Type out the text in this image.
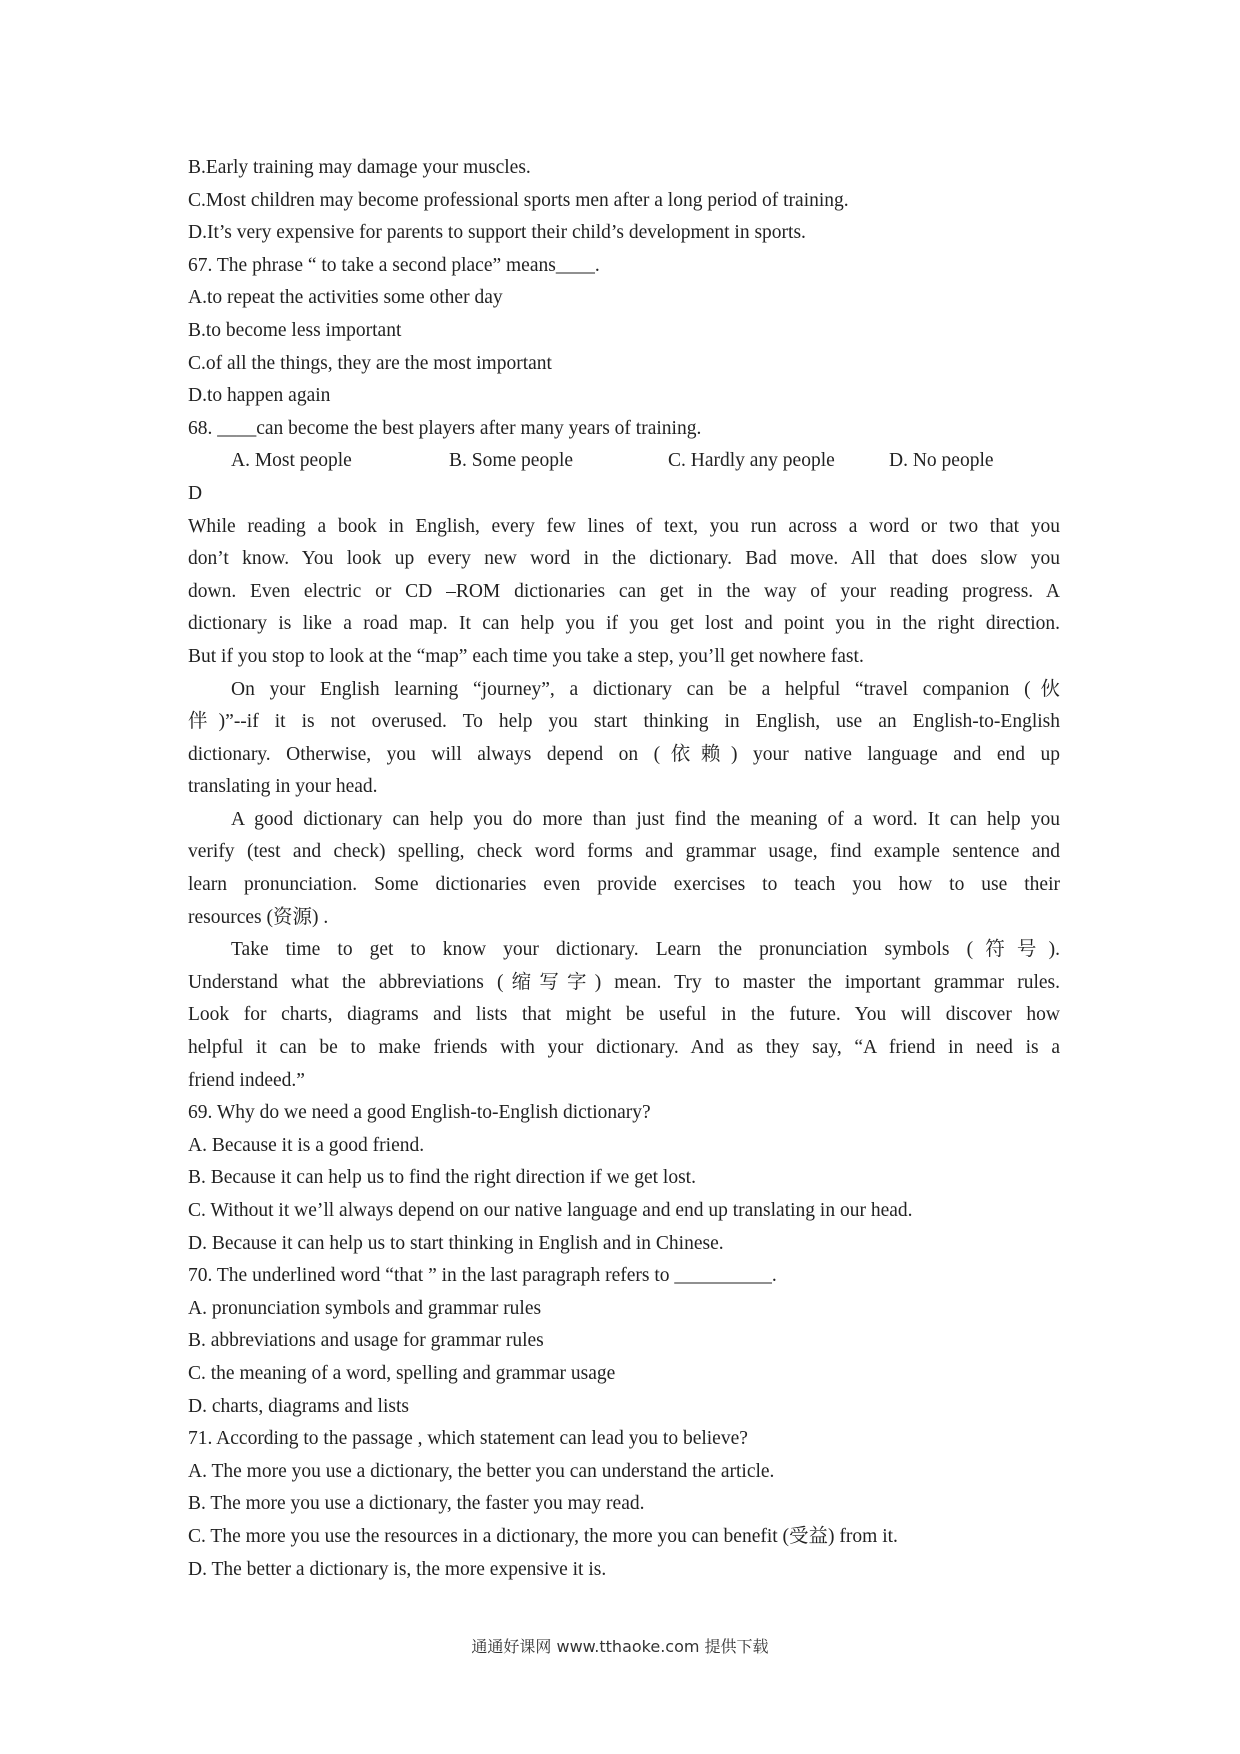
B.Early training may damage your muscles.
C.Most children may become professional sports men after a long period of training.
D.It’s very expensive for parents to support their child’s development in sports.
67. The phrase “ to take a second place” means____.
A.to repeat the activities some other day
B.to become less important
C.of all the things, they are the most important
D.to happen again
68. ____can become the best players after many years of training.
A. Most people	B. Some people	C. Hardly any people	D. No people
D
While reading a book in English, every few lines of text, you run across a word or two that you
don’t know. You look up every new word in the dictionary. Bad move. All that does slow you
down. Even electric or CD –ROM dictionaries can get in the way of your reading progress. A
dictionary is like a road map. It can help you if you get lost and point you in the right direction.
But if you stop to look at the “map” each time you take a step, you’ll get nowhere fast.
On your English learning “journey”, a dictionary can be a helpful “travel companion (伙
伴)”--if it is not overused. To help you start thinking in English, use an English-to-English
dictionary. Otherwise, you will always depend on (依赖) your native language and end up
translating in your head.
A good dictionary can help you do more than just find the meaning of a word. It can help you
verify (test and check) spelling, check word forms and grammar usage, find example sentence and
learn pronunciation. Some dictionaries even provide exercises to teach you how to use their
resources (资源) .
Take time to get to know your dictionary. Learn the pronunciation symbols (符号).
Understand what the abbreviations (缩写字) mean. Try to master the important grammar rules.
Look for charts, diagrams and lists that might be useful in the future. You will discover how
helpful it can be to make friends with your dictionary. And as they say, “A friend in need is a
friend indeed.”
69. Why do we need a good English-to-English dictionary?
A. Because it is a good friend.
B. Because it can help us to find the right direction if we get lost.
C. Without it we’ll always depend on our native language and end up translating in our head.
D. Because it can help us to start thinking in English and in Chinese.
70. The underlined word “that ” in the last paragraph refers to __________.
A. pronunciation symbols and grammar rules
B. abbreviations and usage for grammar rules
C. the meaning of a word, spelling and grammar usage
D. charts, diagrams and lists
71. According to the passage , which statement can lead you to believe?
A. The more you use a dictionary, the better you can understand the article.
B. The more you use a dictionary, the faster you may read.
C. The more you use the resources in a dictionary, the more you can benefit (受益) from it.
D. The better a dictionary is, the more expensive it is.
通通好课网 www.tthaoke.com 提供下载
